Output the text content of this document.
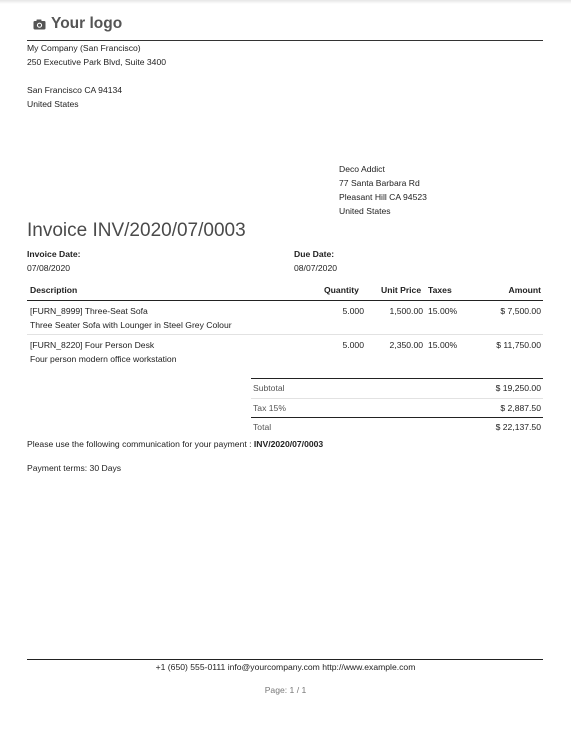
Your logo
My Company (San Francisco)
250 Executive Park Blvd, Suite 3400
San Francisco CA 94134
United States
Deco Addict
77 Santa Barbara Rd
Pleasant Hill CA 94523
United States
Invoice INV/2020/07/0003
Invoice Date:
07/08/2020
Due Date:
08/07/2020
Description	Quantity	Unit Price Taxes	Amount
[FURN_8999] Three-Seat Sofa
Three Seater Sofa with Lounger in Steel Grey Colour
5.000	1,500.00 15.00%	$ 7,500.00
[FURN_8220] Four Person Desk
Four person modern office workstation
5.000	2,350.00 15.00%	$ 11,750.00
Subtotal	$ 19,250.00
Tax 15%	$ 2,887.50
Total	$ 22,137.50
Please use the following communication for your payment : INV/2020/07/0003
Payment terms: 30 Days
+1 (650) 555-0111 info@yourcompany.com http://www.example.com
Page: 1 / 1
